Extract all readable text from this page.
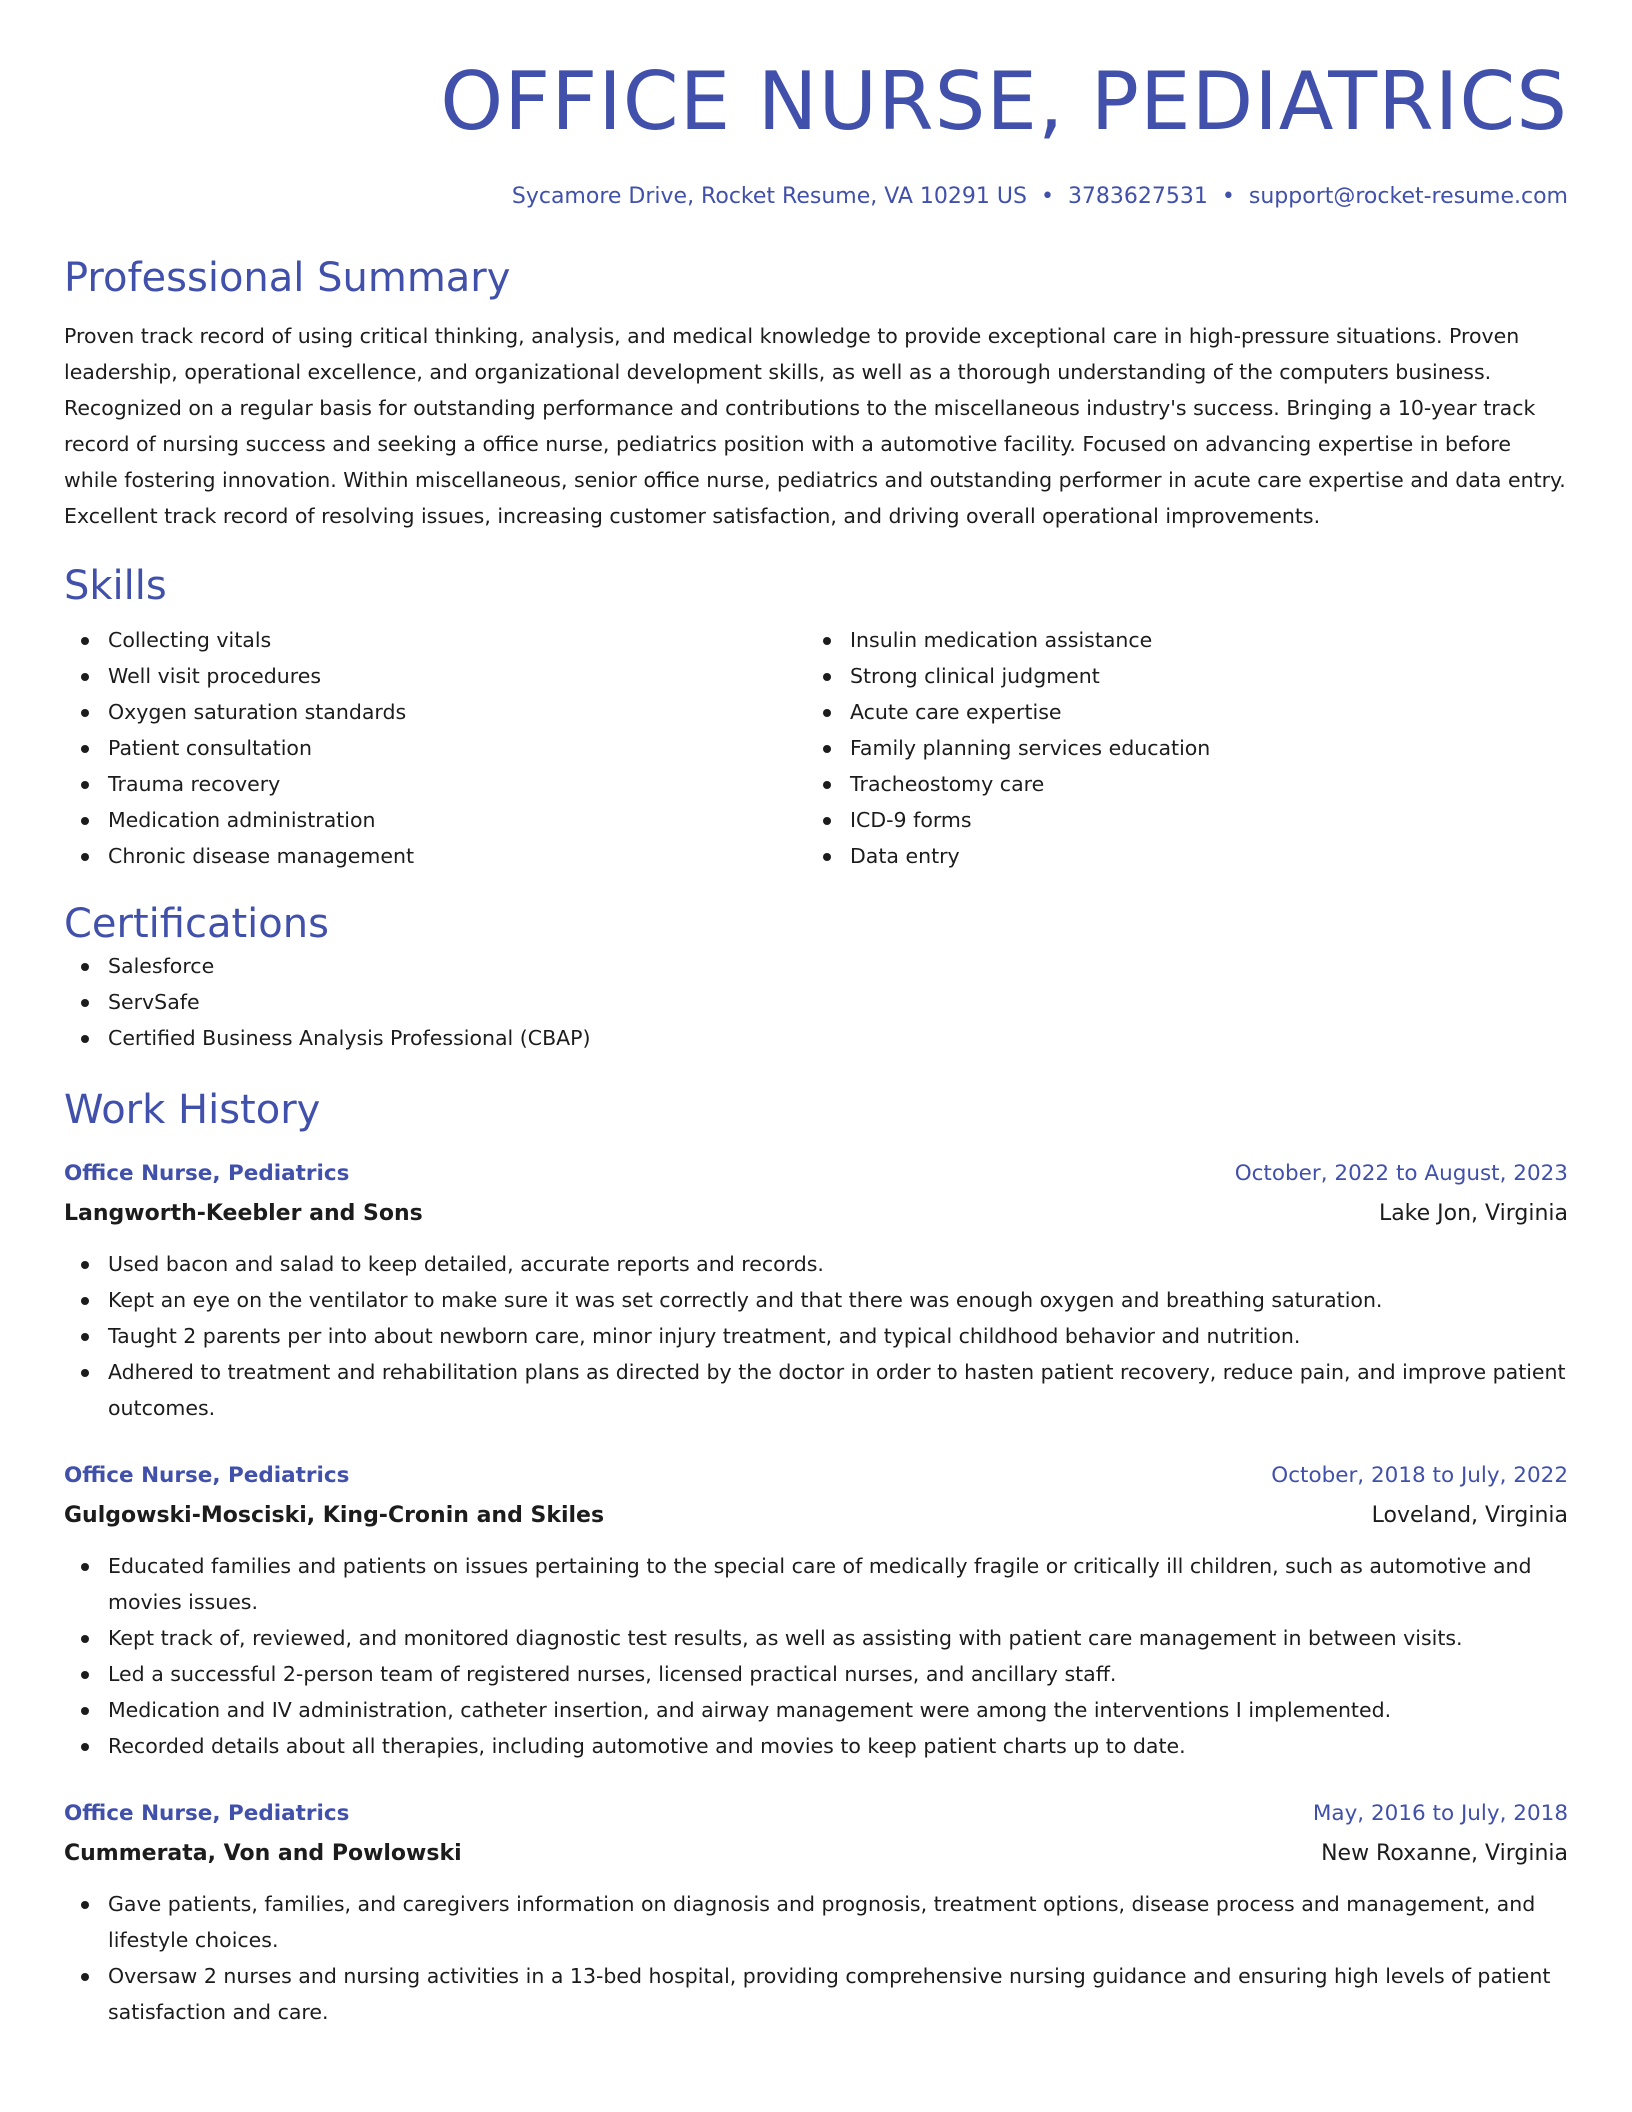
OFFICE NURSE, PEDIATRICS
Sycamore Drive, Rocket Resume, VA 10291 US • 3783627531 • support@rocket-resume.com
Professional Summary

Proven track record of using critical thinking, analysis, and medical knowledge to provide exceptional care in high-pressure situations. Proven leadership, operational excellence, and organizational development skills, as well as a thorough understanding of the computers business. Recognized on a regular basis for outstanding performance and contributions to the miscellaneous industry's success. Bringing a 10-year track record of nursing success and seeking a office nurse, pediatrics position with a automotive facility. Focused on advancing expertise in before while fostering innovation. Within miscellaneous, senior office nurse, pediatrics and outstanding performer in acute care expertise and data entry. Excellent track record of resolving issues, increasing customer satisfaction, and driving overall operational improvements.

Skills
Collecting vitals
Well visit procedures
Oxygen saturation standards
Patient consultation
Trauma recovery
Medication administration
Chronic disease management
Insulin medication assistance
Strong clinical judgment
Acute care expertise
Family planning services education
Tracheostomy care
ICD-9 forms
Data entry
Certifications
Salesforce
ServSafe
Certified Business Analysis Professional (CBAP)
Work History
Office Nurse, Pediatrics	October, 2022 to August, 2023
Langworth-Keebler and Sons	Lake Jon, Virginia
Used bacon and salad to keep detailed, accurate reports and records.
Kept an eye on the ventilator to make sure it was set correctly and that there was enough oxygen and breathing saturation.
Taught 2 parents per into about newborn care, minor injury treatment, and typical childhood behavior and nutrition.
Adhered to treatment and rehabilitation plans as directed by the doctor in order to hasten patient recovery, reduce pain, and improve patient outcomes.
Office Nurse, Pediatrics	October, 2018 to July, 2022
Gulgowski-Mosciski, King-Cronin and Skiles	Loveland, Virginia
Educated families and patients on issues pertaining to the special care of medically fragile or critically ill children, such as automotive and movies issues.
Kept track of, reviewed, and monitored diagnostic test results, as well as assisting with patient care management in between visits.
Led a successful 2-person team of registered nurses, licensed practical nurses, and ancillary staff.
Medication and IV administration, catheter insertion, and airway management were among the interventions I implemented.
Recorded details about all therapies, including automotive and movies to keep patient charts up to date.
Office Nurse, Pediatrics	May, 2016 to July, 2018
Cummerata, Von and Powlowski	New Roxanne, Virginia
Gave patients, families, and caregivers information on diagnosis and prognosis, treatment options, disease process and management, and lifestyle choices.
Oversaw 2 nurses and nursing activities in a 13-bed hospital, providing comprehensive nursing guidance and ensuring high levels of patient satisfaction and care.
